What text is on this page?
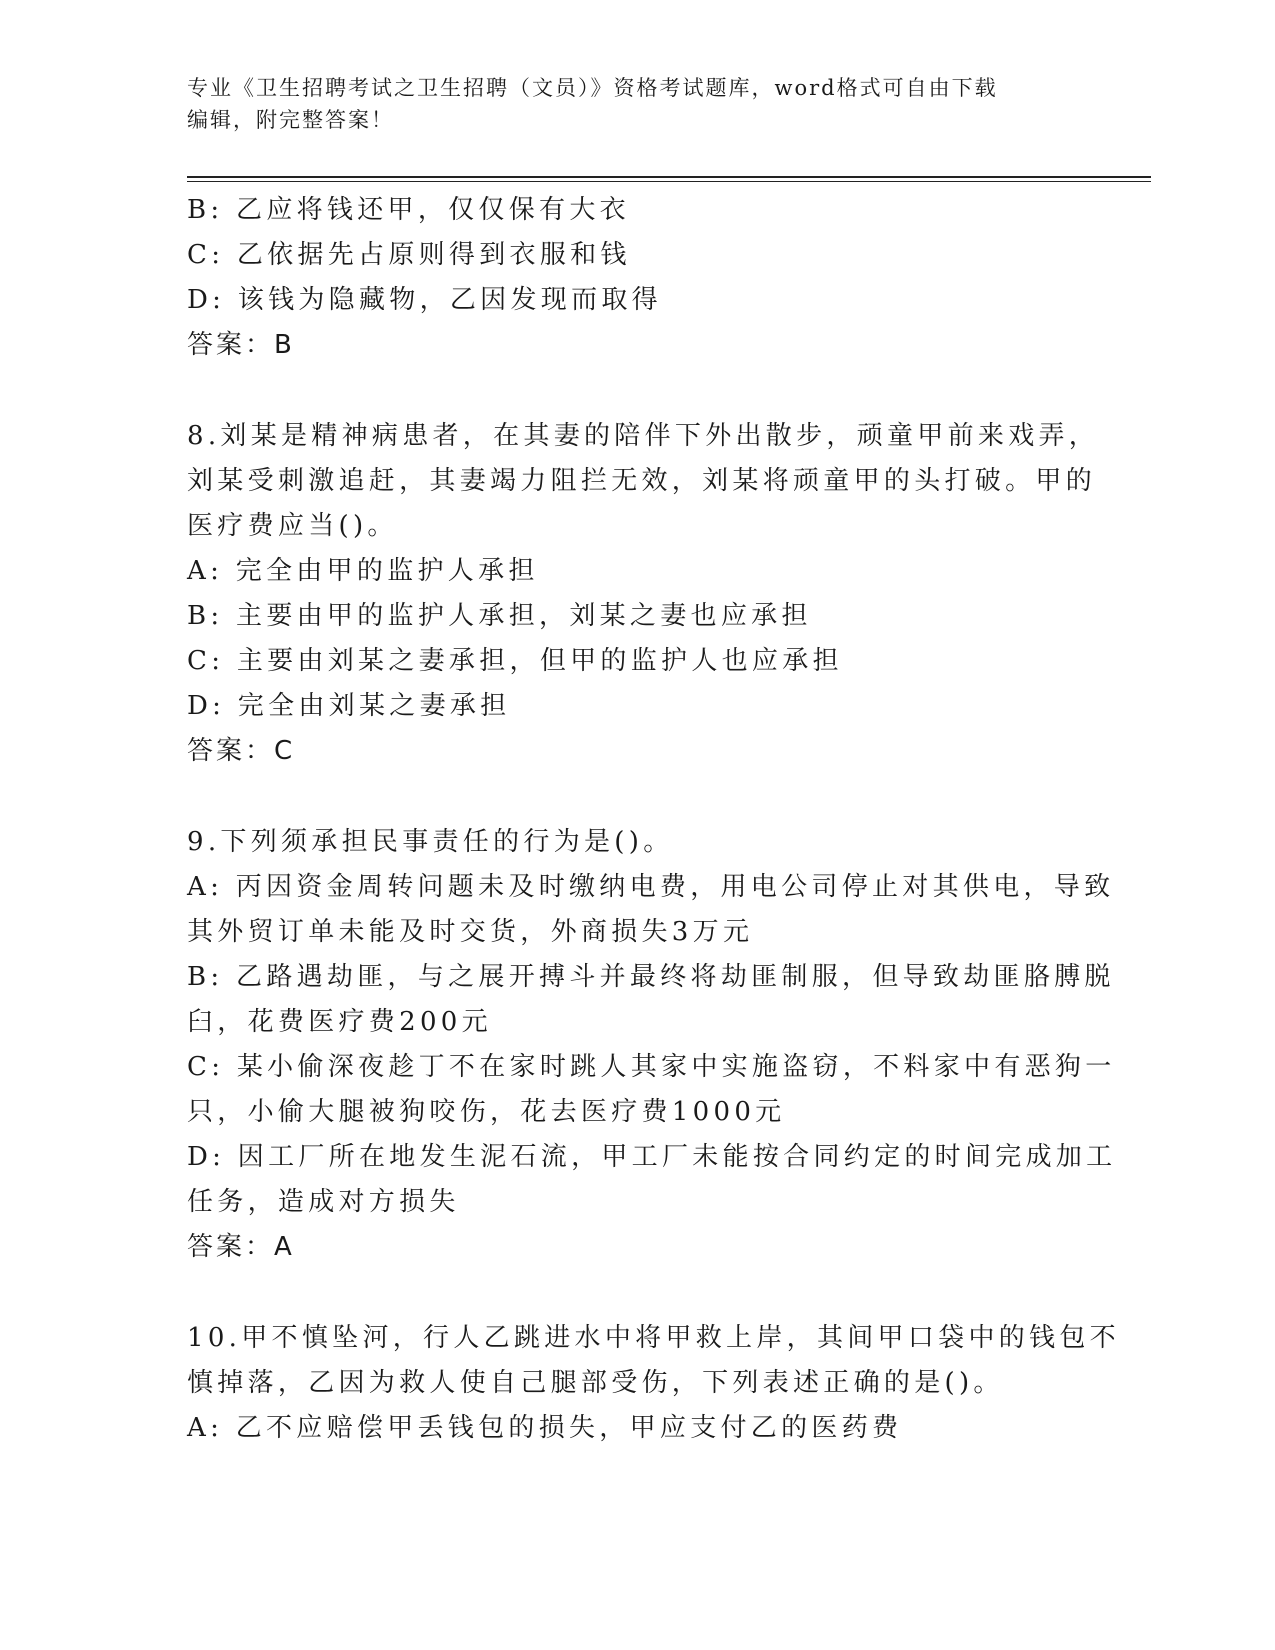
专业《卫生招聘考试之卫生招聘（文员）》资格考试题库，word格式可自由下载
编辑，附完整答案！
B: 乙应将钱还甲，仅仅保有大衣
C: 乙依据先占原则得到衣服和钱
D: 该钱为隐藏物，乙因发现而取得
答案：B
8.刘某是精神病患者，在其妻的陪伴下外出散步，顽童甲前来戏弄，
刘某受刺激追赶，其妻竭力阻拦无效，刘某将顽童甲的头打破。甲的
医疗费应当()。
A: 完全由甲的监护人承担
B: 主要由甲的监护人承担，刘某之妻也应承担
C: 主要由刘某之妻承担，但甲的监护人也应承担
D: 完全由刘某之妻承担
答案：C
9.下列须承担民事责任的行为是()。
A: 丙因资金周转问题未及时缴纳电费，用电公司停止对其供电，导致
其外贸订单未能及时交货，外商损失3万元
B: 乙路遇劫匪，与之展开搏斗并最终将劫匪制服，但导致劫匪胳膊脱
臼，花费医疗费200元
C: 某小偷深夜趁丁不在家时跳人其家中实施盗窃，不料家中有恶狗一
只，小偷大腿被狗咬伤，花去医疗费1000元
D: 因工厂所在地发生泥石流，甲工厂未能按合同约定的时间完成加工
任务，造成对方损失
答案：A
10.甲不慎坠河，行人乙跳进水中将甲救上岸，其间甲口袋中的钱包不
慎掉落，乙因为救人使自己腿部受伤，下列表述正确的是()。
A: 乙不应赔偿甲丢钱包的损失，甲应支付乙的医药费
